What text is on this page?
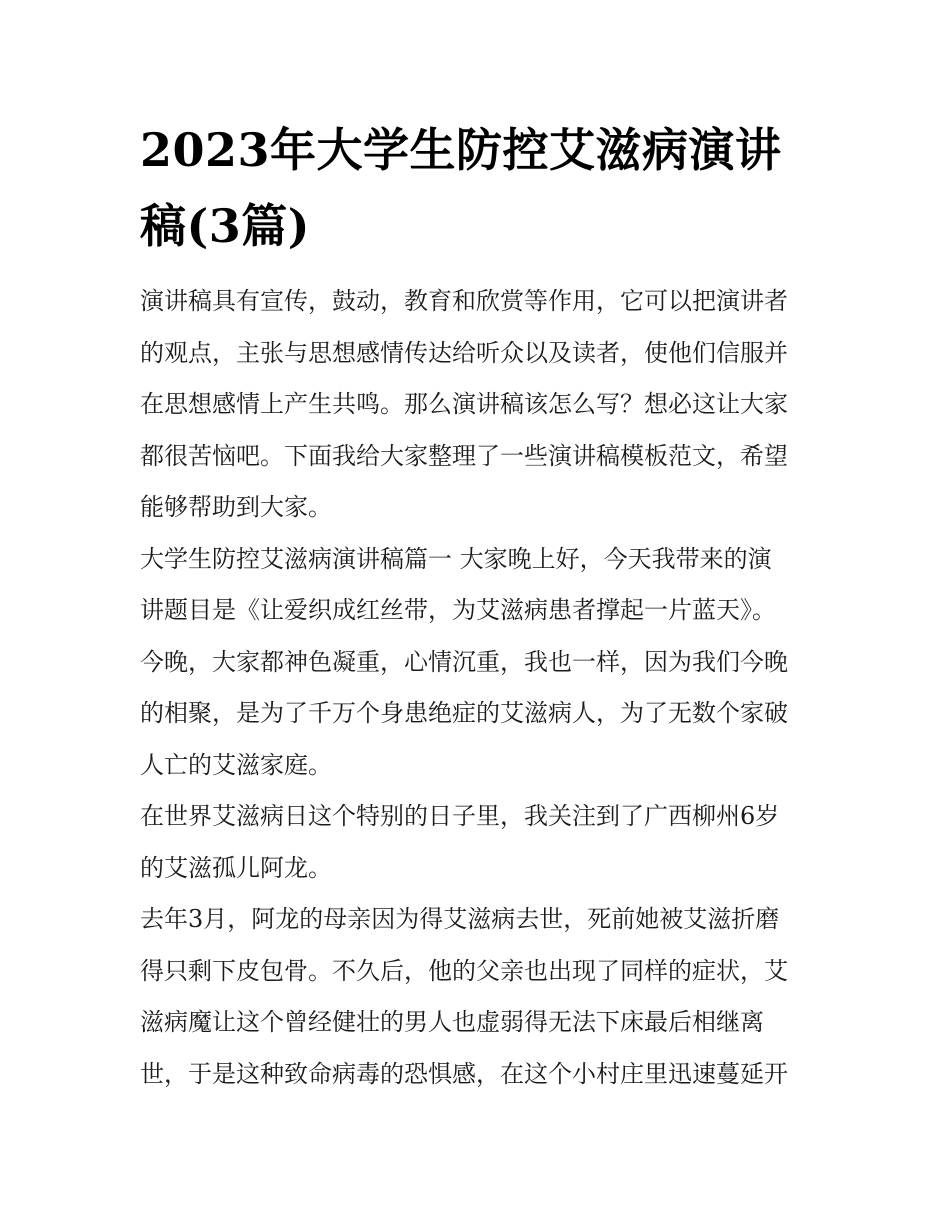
2023年大学生防控艾滋病演讲
稿(3篇)

演讲稿具有宣传，鼓动，教育和欣赏等作用，它可以把演讲者
的观点，主张与思想感情传达给听众以及读者，使他们信服并
在思想感情上产生共鸣。那么演讲稿该怎么写？想必这让大家
都很苦恼吧。下面我给大家整理了一些演讲稿模板范文，希望
能够帮助到大家。

大学生防控艾滋病演讲稿篇一 大家晚上好，今天我带来的演
讲题目是《让爱织成红丝带，为艾滋病患者撑起一片蓝天》。
今晚，大家都神色凝重，心情沉重，我也一样，因为我们今晚
的相聚，是为了千万个身患绝症的艾滋病人，为了无数个家破
人亡的艾滋家庭。

在世界艾滋病日这个特别的日子里，我关注到了广西柳州6岁
的艾滋孤儿阿龙。

去年3月，阿龙的母亲因为得艾滋病去世，死前她被艾滋折磨
得只剩下皮包骨。不久后，他的父亲也出现了同样的症状，艾
滋病魔让这个曾经健壮的男人也虚弱得无法下床最后相继离
世，于是这种致命病毒的恐惧感，在这个小村庄里迅速蔓延开
